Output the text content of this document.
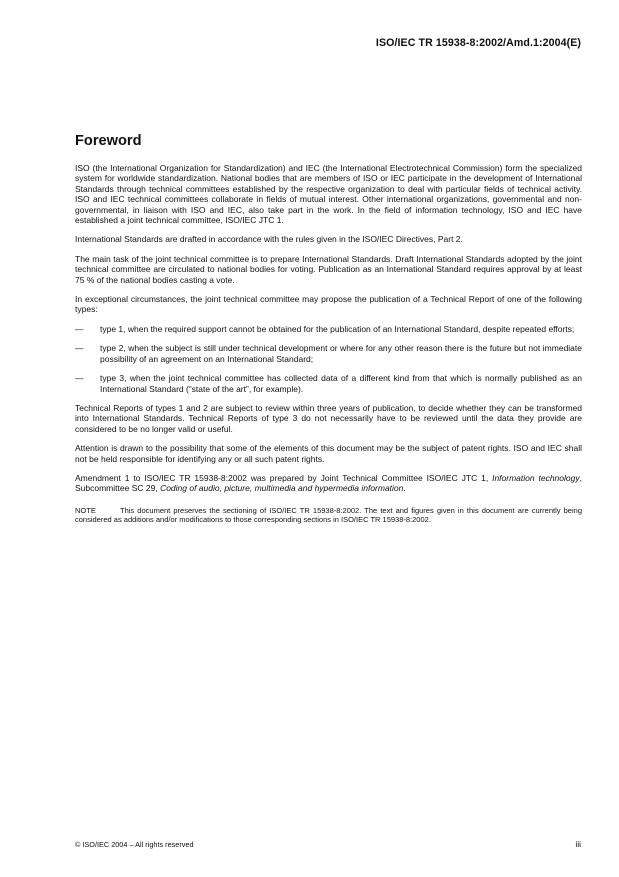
ISO/IEC TR 15938-8:2002/Amd.1:2004(E)
Foreword

ISO (the International Organization for Standardization) and IEC (the International Electrotechnical Commission) form the specialized system for worldwide standardization. National bodies that are members of ISO or IEC participate in the development of International Standards through technical committees established by the respective organization to deal with particular fields of technical activity. ISO and IEC technical committees collaborate in fields of mutual interest. Other international organizations, governmental and non-governmental, in liaison with ISO and IEC, also take part in the work. In the field of information technology, ISO and IEC have established a joint technical committee, ISO/IEC JTC 1.

International Standards are drafted in accordance with the rules given in the ISO/IEC Directives, Part 2.

The main task of the joint technical committee is to prepare International Standards. Draft International Standards adopted by the joint technical committee are circulated to national bodies for voting. Publication as an International Standard requires approval by at least 75 % of the national bodies casting a vote.

In exceptional circumstances, the joint technical committee may propose the publication of a Technical Report of one of the following types:

—	type 1, when the required support cannot be obtained for the publication of an International Standard, despite repeated efforts;
—	type 2, when the subject is still under technical development or where for any other reason there is the future but not immediate possibility of an agreement on an International Standard;
—	type 3, when the joint technical committee has collected data of a different kind from that which is normally published as an International Standard (“state of the art”, for example).

Technical Reports of types 1 and 2 are subject to review within three years of publication, to decide whether they can be transformed into International Standards. Technical Reports of type 3 do not necessarily have to be reviewed until the data they provide are considered to be no longer valid or useful.

Attention is drawn to the possibility that some of the elements of this document may be the subject of patent rights. ISO and IEC shall not be held responsible for identifying any or all such patent rights.

Amendment 1 to ISO/IEC TR 15938-8:2002 was prepared by Joint Technical Committee ISO/IEC JTC 1, Information technology, Subcommittee SC 29, Coding of audio, picture, multimedia and hypermedia information.

NOTE	This document preserves the sectioning of ISO/IEC TR 15938-8:2002. The text and figures given in this document are currently being considered as additions and/or modifications to those corresponding sections in ISO/IEC TR 15938-8:2002.
© ISO/IEC 2004 – All rights reserved	iii
